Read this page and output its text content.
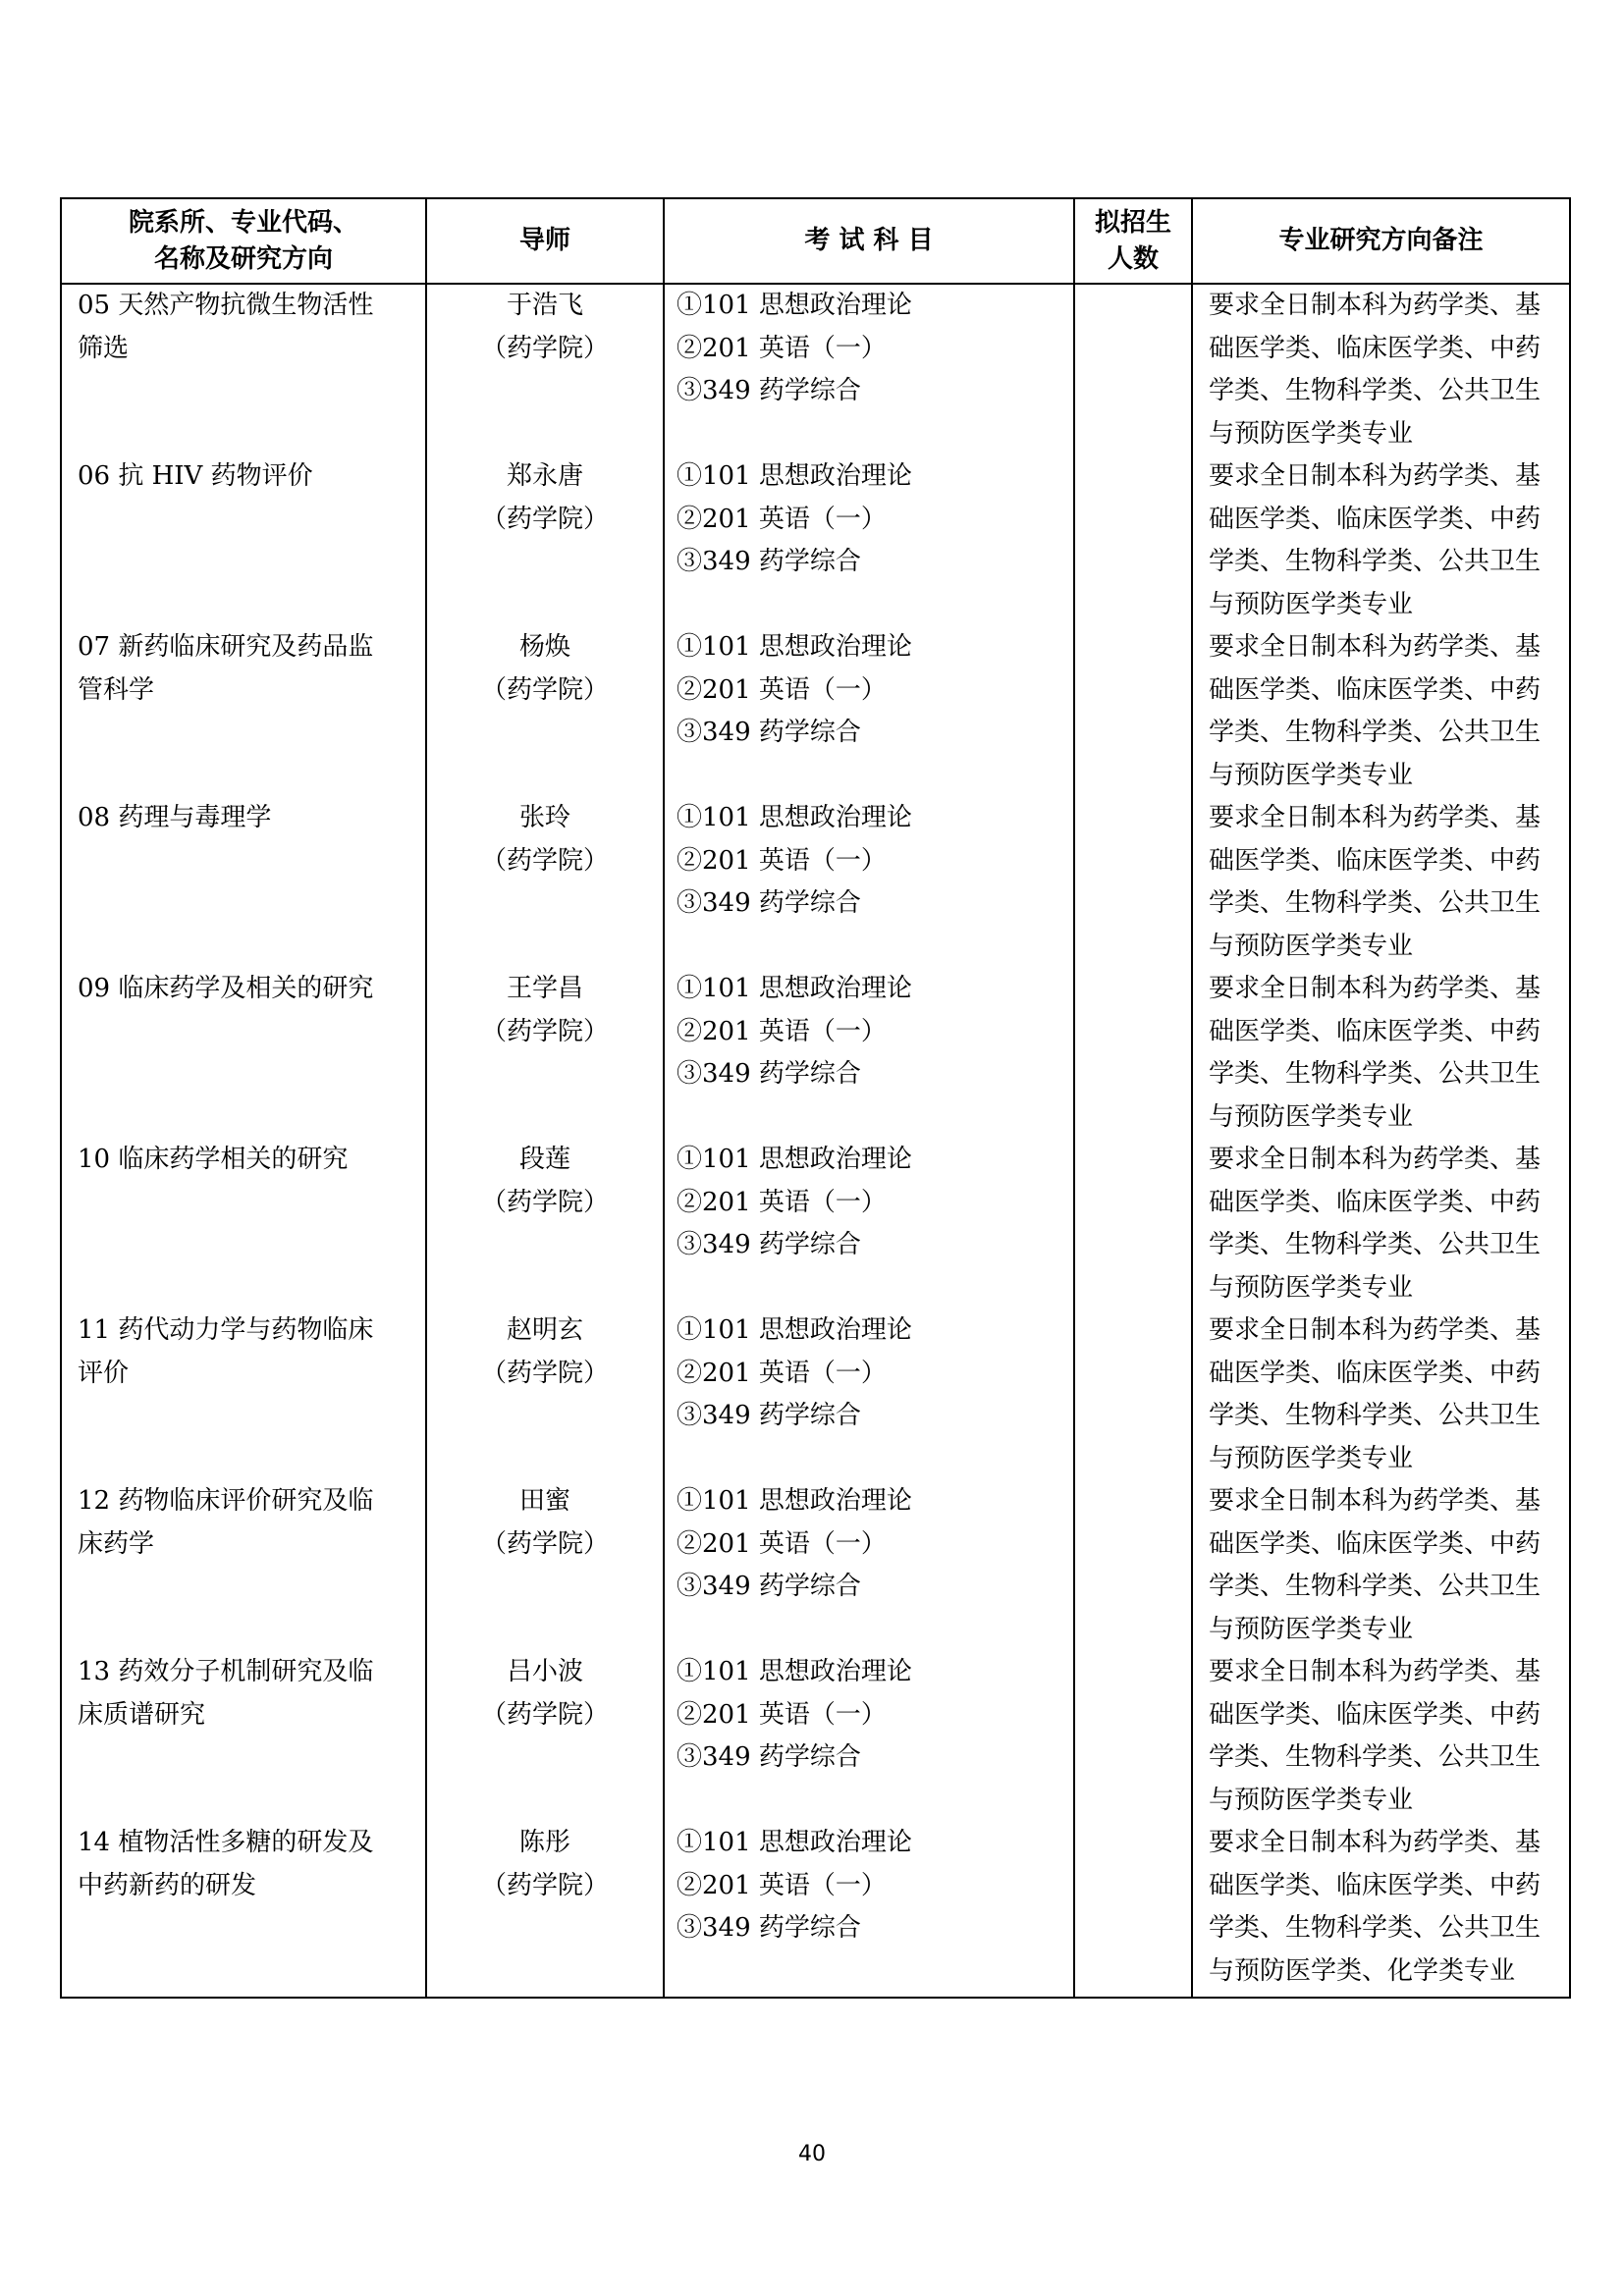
院系所、专业代码、
名称及研究方向	导师	考 试 科 目	拟招生
人数	专业研究方向备注

05 天然产物抗微生物活性
筛选	于浩飞
（药学院）	①101 思想政治理论
②201 英语（一）
③349 药学综合		要求全日制本科为药学类、基
础医学类、临床医学类、中药
学类、生物科学类、公共卫生
与预防医学类专业

06 抗 HIV 药物评价	郑永唐
（药学院）	①101 思想政治理论
②201 英语（一）
③349 药学综合		要求全日制本科为药学类、基
础医学类、临床医学类、中药
学类、生物科学类、公共卫生
与预防医学类专业

07 新药临床研究及药品监
管科学	杨焕
（药学院）	①101 思想政治理论
②201 英语（一）
③349 药学综合		要求全日制本科为药学类、基
础医学类、临床医学类、中药
学类、生物科学类、公共卫生
与预防医学类专业

08 药理与毒理学	张玲
（药学院）	①101 思想政治理论
②201 英语（一）
③349 药学综合		要求全日制本科为药学类、基
础医学类、临床医学类、中药
学类、生物科学类、公共卫生
与预防医学类专业

09 临床药学及相关的研究	王学昌
（药学院）	①101 思想政治理论
②201 英语（一）
③349 药学综合		要求全日制本科为药学类、基
础医学类、临床医学类、中药
学类、生物科学类、公共卫生
与预防医学类专业

10 临床药学相关的研究	段莲
（药学院）	①101 思想政治理论
②201 英语（一）
③349 药学综合		要求全日制本科为药学类、基
础医学类、临床医学类、中药
学类、生物科学类、公共卫生
与预防医学类专业

11 药代动力学与药物临床
评价	赵明玄
（药学院）	①101 思想政治理论
②201 英语（一）
③349 药学综合		要求全日制本科为药学类、基
础医学类、临床医学类、中药
学类、生物科学类、公共卫生
与预防医学类专业

12 药物临床评价研究及临
床药学	田蜜
（药学院）	①101 思想政治理论
②201 英语（一）
③349 药学综合		要求全日制本科为药学类、基
础医学类、临床医学类、中药
学类、生物科学类、公共卫生
与预防医学类专业

13 药效分子机制研究及临
床质谱研究	吕小波
（药学院）	①101 思想政治理论
②201 英语（一）
③349 药学综合		要求全日制本科为药学类、基
础医学类、临床医学类、中药
学类、生物科学类、公共卫生
与预防医学类专业

14 植物活性多糖的研发及
中药新药的研发	陈彤
（药学院）	①101 思想政治理论
②201 英语（一）
③349 药学综合		要求全日制本科为药学类、基
础医学类、临床医学类、中药
学类、生物科学类、公共卫生
与预防医学类、化学类专业
40
